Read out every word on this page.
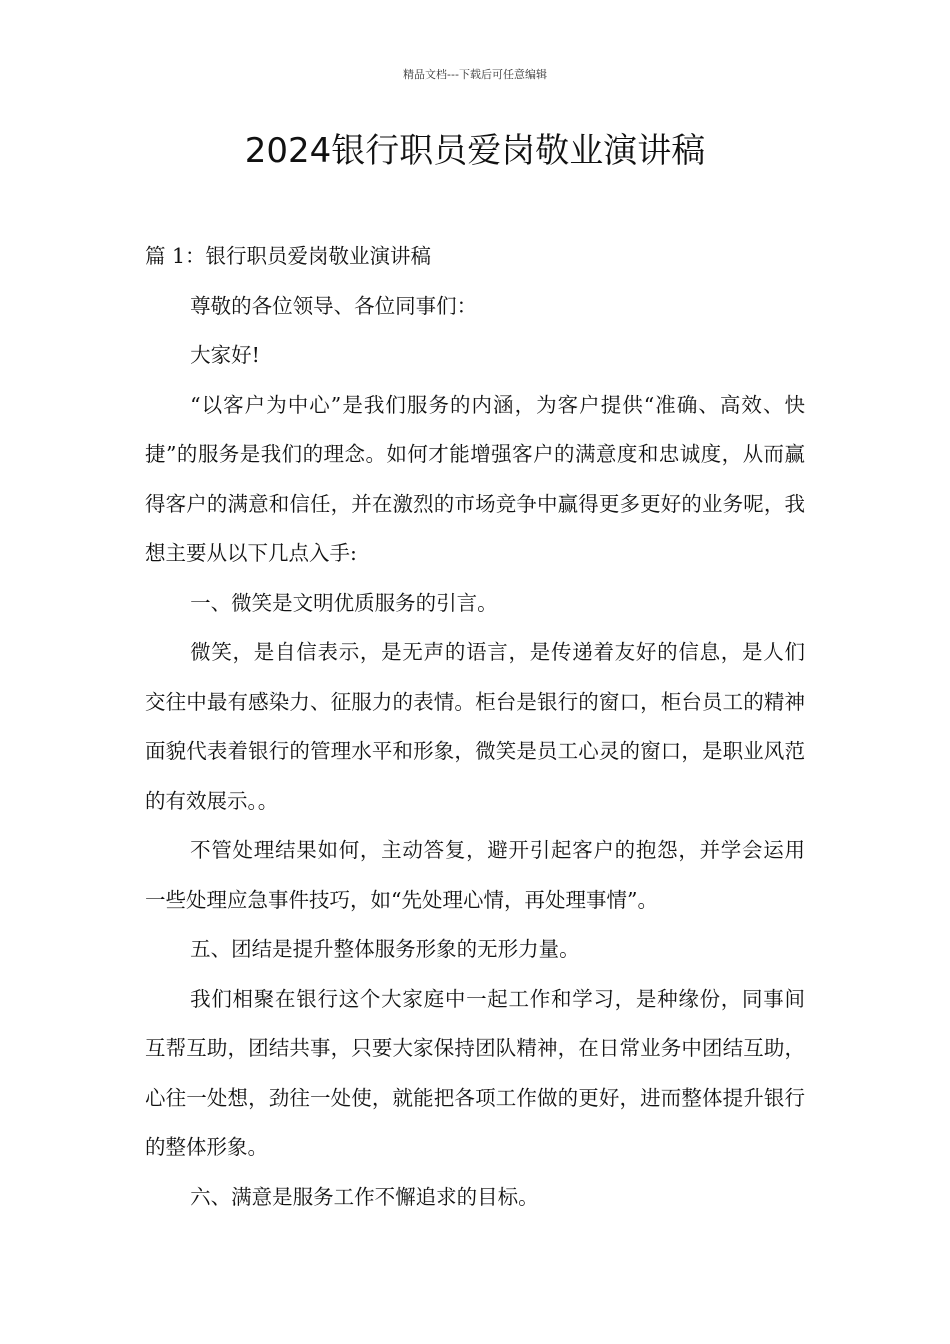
精品文档---下载后可任意编辑
2024银行职员爱岗敬业演讲稿

篇 1：银行职员爱岗敬业演讲稿

尊敬的各位领导、各位同事们：

大家好!

“以客户为中心”是我们服务的内涵，为客户提供“准确、高效、快捷”的服务是我们的理念。如何才能增强客户的满意度和忠诚度，从而赢得客户的满意和信任，并在激烈的市场竞争中赢得更多更好的业务呢，我想主要从以下几点入手:

一、微笑是文明优质服务的引言。

微笑，是自信表示，是无声的语言，是传递着友好的信息，是人们交往中最有感染力、征服力的表情。柜台是银行的窗口，柜台员工的精神面貌代表着银行的管理水平和形象，微笑是员工心灵的窗口，是职业风范的有效展示。。

不管处理结果如何，主动答复，避开引起客户的抱怨，并学会运用一些处理应急事件技巧，如“先处理心情，再处理事情”。

五、团结是提升整体服务形象的无形力量。

我们相聚在银行这个大家庭中一起工作和学习，是种缘份，同事间互帮互助，团结共事，只要大家保持团队精神，在日常业务中团结互助，心往一处想，劲往一处使，就能把各项工作做的更好，进而整体提升银行的整体形象。

六、满意是服务工作不懈追求的目标。
